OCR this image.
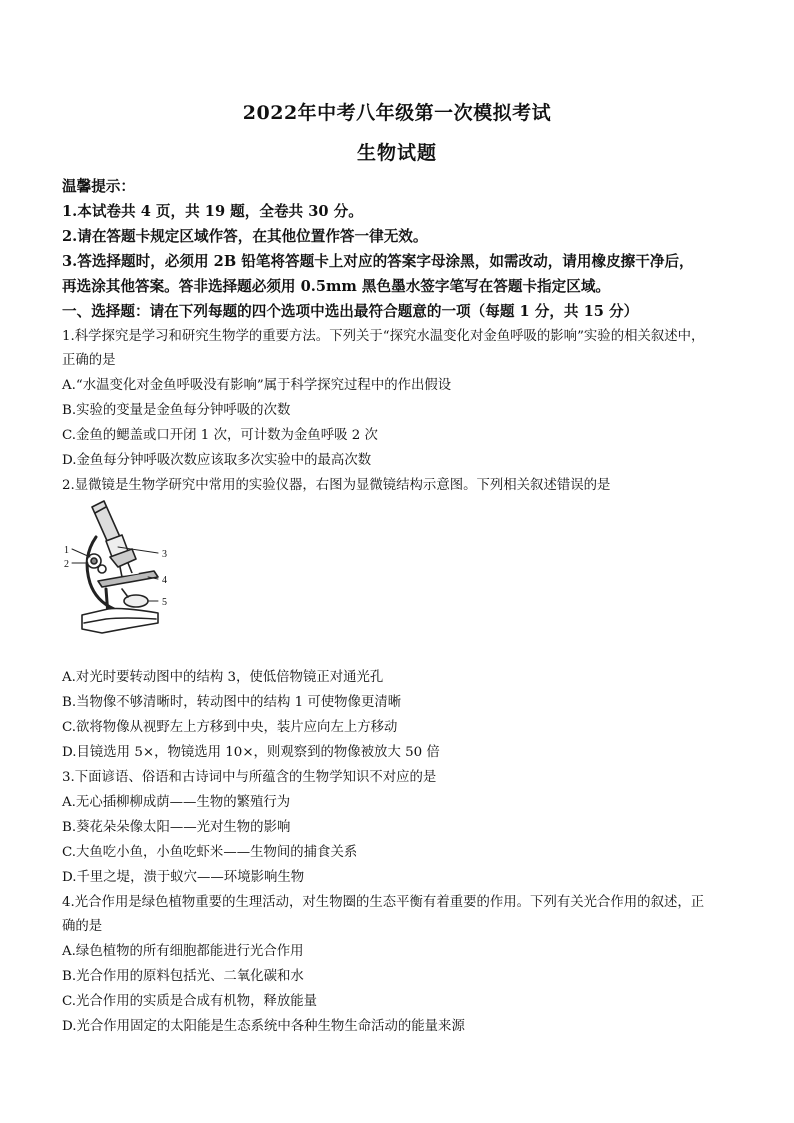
2022年中考八年级第一次模拟考试
生物试题
温馨提示：
1.本试卷共 4 页，共 19 题，全卷共 30 分。
2.请在答题卡规定区域作答，在其他位置作答一律无效。
3.答选择题时，必须用 2B 铅笔将答题卡上对应的答案字母涂黑，如需改动，请用橡皮擦干净后，
再选涂其他答案。答非选择题必须用 0.5mm 黑色墨水签字笔写在答题卡指定区域。
一、选择题：请在下列每题的四个选项中选出最符合题意的一项（每题 1 分，共 15 分）
1.科学探究是学习和研究生物学的重要方法。下列关于“探究水温变化对金鱼呼吸的影响”实验的相关叙述中，
正确的是
A.“水温变化对金鱼呼吸没有影响”属于科学探究过程中的作出假设
B.实验的变量是金鱼每分钟呼吸的次数
C.金鱼的鳃盖或口开闭 1 次，可计数为金鱼呼吸 2 次
D.金鱼每分钟呼吸次数应该取多次实验中的最高次数
2.显微镜是生物学研究中常用的实验仪器，右图为显微镜结构示意图。下列相关叙述错误的是
1
2
3
4
5
A.对光时要转动图中的结构 3，使低倍物镜正对通光孔
B.当物像不够清晰时，转动图中的结构 1 可使物像更清晰
C.欲将物像从视野左上方移到中央，装片应向左上方移动
D.目镜选用 5×，物镜选用 10×，则观察到的物像被放大 50 倍
3.下面谚语、俗语和古诗词中与所蕴含的生物学知识不对应的是
A.无心插柳柳成荫——生物的繁殖行为
B.葵花朵朵像太阳——光对生物的影响
C.大鱼吃小鱼，小鱼吃虾米——生物间的捕食关系
D.千里之堤，溃于蚁穴——环境影响生物
4.光合作用是绿色植物重要的生理活动，对生物圈的生态平衡有着重要的作用。下列有关光合作用的叙述，正
确的是
A.绿色植物的所有细胞都能进行光合作用
B.光合作用的原料包括光、二氧化碳和水
C.光合作用的实质是合成有机物，释放能量
D.光合作用固定的太阳能是生态系统中各种生物生命活动的能量来源
